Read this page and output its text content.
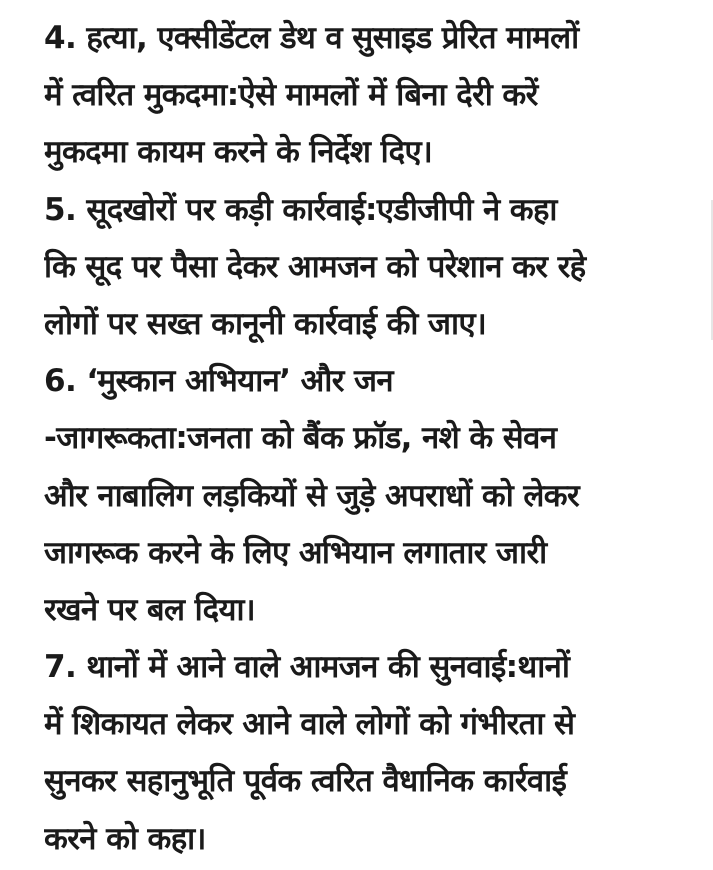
4. हत्या, एक्सीडेंटल डेथ व सुसाइड प्रेरित मामलों
में त्वरित मुकदमा:ऐसे मामलों में बिना देरी करें
मुकदमा कायम करने के निर्देश दिए।
5. सूदखोरों पर कड़ी कार्रवाई:एडीजीपी ने कहा
कि सूद पर पैसा देकर आमजन को परेशान कर रहे
लोगों पर सख्त कानूनी कार्रवाई की जाए।
6. ‘मुस्कान अभियान’ और जन
-जागरूकता:जनता को बैंक फ्रॉड, नशे के सेवन
और नाबालिग लड़कियों से जुड़े अपराधों को लेकर
जागरूक करने के लिए अभियान लगातार जारी
रखने पर बल दिया।
7. थानों में आने वाले आमजन की सुनवाई:थानों
में शिकायत लेकर आने वाले लोगों को गंभीरता से
सुनकर सहानुभूति पूर्वक त्वरित वैधानिक कार्रवाई
करने को कहा।
